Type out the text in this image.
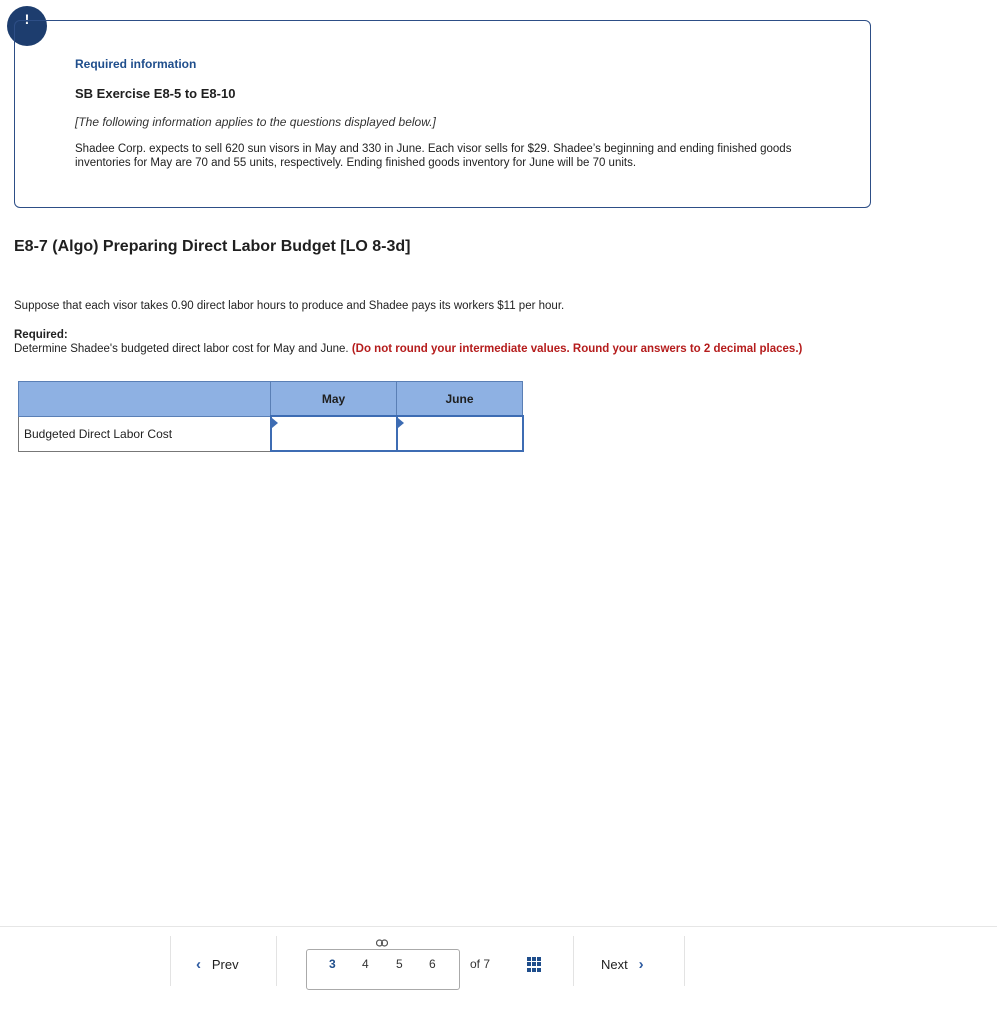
!
Required information
SB Exercise E8-5 to E8-10
[The following information applies to the questions displayed below.]
Shadee Corp. expects to sell 620 sun visors in May and 330 in June. Each visor sells for $29. Shadee’s beginning and ending finished goods inventories for May are 70 and 55 units, respectively. Ending finished goods inventory for June will be 70 units.
E8-7 (Algo) Preparing Direct Labor Budget [LO 8-3d]
Suppose that each visor takes 0.90 direct labor hours to produce and Shadee pays its workers $11 per hour.
Required:
Determine Shadee's budgeted direct labor cost for May and June. (Do not round your intermediate values. Round your answers to 2 decimal places.)
	May	June
Budgeted Direct Labor Cost	

‹ Prev	3 4 5 6	of 7	Next ›
